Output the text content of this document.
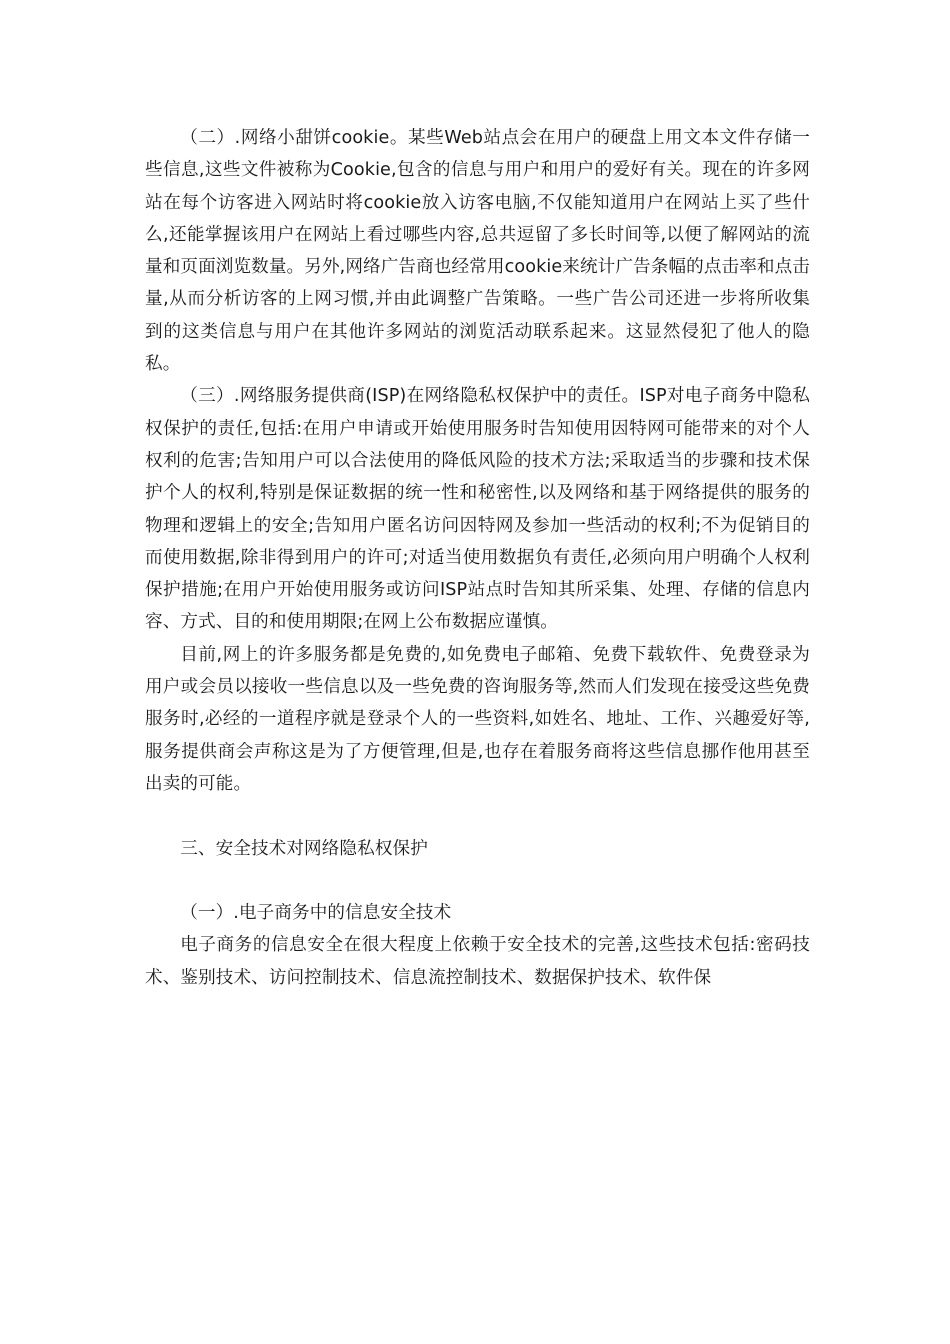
（二）.网络小甜饼cookie。某些Web站点会在用户的硬盘上用文本文件存储一些信息,这些文件被称为Cookie,包含的信息与用户和用户的爱好有关。现在的许多网站在每个访客进入网站时将cookie放入访客电脑,不仅能知道用户在网站上买了些什么,还能掌握该用户在网站上看过哪些内容,总共逗留了多长时间等,以便了解网站的流量和页面浏览数量。另外,网络广告商也经常用cookie来统计广告条幅的点击率和点击量,从而分析访客的上网习惯,并由此调整广告策略。一些广告公司还进一步将所收集到的这类信息与用户在其他许多网站的浏览活动联系起来。这显然侵犯了他人的隐私。

（三）.网络服务提供商(ISP)在网络隐私权保护中的责任。ISP对电子商务中隐私权保护的责任,包括:在用户申请或开始使用服务时告知使用因特网可能带来的对个人权利的危害;告知用户可以合法使用的降低风险的技术方法;采取适当的步骤和技术保护个人的权利,特别是保证数据的统一性和秘密性,以及网络和基于网络提供的服务的物理和逻辑上的安全;告知用户匿名访问因特网及参加一些活动的权利;不为促销目的而使用数据,除非得到用户的许可;对适当使用数据负有责任,必须向用户明确个人权利保护措施;在用户开始使用服务或访问ISP站点时告知其所采集、处理、存储的信息内容、方式、目的和使用期限;在网上公布数据应谨慎。

目前,网上的许多服务都是免费的,如免费电子邮箱、免费下载软件、免费登录为用户或会员以接收一些信息以及一些免费的咨询服务等,然而人们发现在接受这些免费服务时,必经的一道程序就是登录个人的一些资料,如姓名、地址、工作、兴趣爱好等,服务提供商会声称这是为了方便管理,但是,也存在着服务商将这些信息挪作他用甚至出卖的可能。

三、安全技术对网络隐私权保护

（一）.电子商务中的信息安全技术

电子商务的信息安全在很大程度上依赖于安全技术的完善,这些技术包括:密码技术、鉴别技术、访问控制技术、信息流控制技术、数据保护技术、软件保
